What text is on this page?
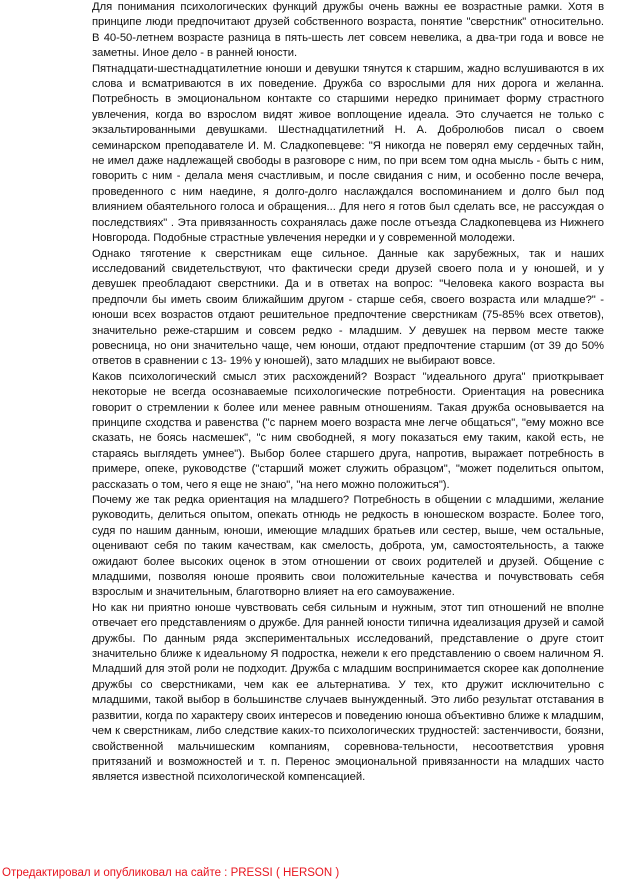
Для понимания психологических функций дружбы очень важны ее возрастные рамки. Хотя в принципе люди предпочитают друзей собственного возраста, понятие "сверстник" относительно. В 40-50-летнем возрасте разница в пять-шесть лет совсем невелика, а два-три года и вовсе не заметны. Иное дело - в ранней юности.

Пятнадцати-шестнадцатилетние юноши и девушки тянутся к старшим, жадно вслушиваются в их слова и всматриваются в их поведение. Дружба со взрослыми для них дорога и желанна. Потребность в эмоциональном контакте со старшими нередко принимает форму страстного увлечения, когда во взрослом видят живое воплощение идеала. Это случается не только с экзальтированными девушками. Шестнадцатилетний Н. А. Добролюбов писал о своем семинарском преподавателе И. М. Сладкопевцеве: "Я никогда не поверял ему сердечных тайн, не имел даже надлежащей свободы в разговоре с ним, по при всем том одна мысль - быть с ним, говорить с ним - делала меня счастливым, и после свидания с ним, и особенно после вечера, проведенного с ним наедине, я долго-долго наслаждался воспоминанием и долго был под влиянием обаятельного голоса и обращения... Для него я готов был сделать все, не рассуждая о последствиях" . Эта привязанность сохранялась даже после отъезда Сладкопевцева из Нижнего Новгорода. Подобные страстные увлечения нередки и у современной молодежи.

Однако тяготение к сверстникам еще сильное. Данные как зарубежных, так и наших исследований свидетельствуют, что фактически среди друзей своего пола и у юношей, и у девушек преобладают сверстники. Да и в ответах на вопрос: "Человека какого возраста вы предпочли бы иметь своим ближайшим другом - старше себя, своего возраста или младше?" - юноши всех возрастов отдают решительное предпочтение сверстникам (75-85% всех ответов), значительно реже-старшим и совсем редко - младшим. У девушек на первом месте также ровесница, но они значительно чаще, чем юноши, отдают предпочтение старшим (от 39 до 50% ответов в сравнении с 13- 19% у юношей), зато младших не выбирают вовсе.

Каков психологический смысл этих расхождений? Возраст "идеального друга" приоткрывает некоторые не всегда осознаваемые психологические потребности. Ориентация на ровесника говорит о стремлении к более или менее равным отношениям. Такая дружба основывается на принципе сходства и равенства ("с парнем моего возраста мне легче общаться", "ему можно все сказать, не боясь насмешек", "с ним свободней, я могу показаться ему таким, какой есть, не стараясь выглядеть умнее"). Выбор более старшего друга, напротив, выражает потребность в примере, опеке, руководстве ("старший может служить образцом", "может поделиться опытом, рассказать о том, чего я еще не знаю", "на него можно положиться").

Почему же так редка ориентация на младшего? Потребность в общении с младшими, желание руководить, делиться опытом, опекать отнюдь не редкость в юношеском возрасте. Более того, судя по нашим данным, юноши, имеющие младших братьев или сестер, выше, чем остальные, оценивают себя по таким качествам, как смелость, доброта, ум, самостоятельность, а также ожидают более высоких оценок в этом отношении от своих родителей и друзей. Общение с младшими, позволяя юноше проявить свои положительные качества и почувствовать себя взрослым и значительным, благотворно влияет на его самоуважение.

Но как ни приятно юноше чувствовать себя сильным и нужным, этот тип отношений не вполне отвечает его представлениям о дружбе. Для ранней юности типична идеализация друзей и самой дружбы. По данным ряда экспериментальных исследований, представление о друге стоит значительно ближе к идеальному Я подростка, нежели к его представлению о своем наличном Я. Младший для этой роли не подходит. Дружба с младшим воспринимается скорее как дополнение дружбы со сверстниками, чем как ее альтернатива. У тех, кто дружит исключительно с младшими, такой выбор в большинстве случаев вынужденный. Это либо результат отставания в развитии, когда по характеру своих интересов и поведению юноша объективно ближе к младшим, чем к сверстникам, либо следствие каких-то психологических трудностей: застенчивости, боязни, свойственной мальчишеским компаниям, соревнова-тельности, несоответствия уровня притязаний и возможностей и т. п. Перенос эмоциональной привязанности на младших часто является известной психологической компенсацией.

Отредактировал и опубликовал на сайте : PRESSI ( HERSON )
